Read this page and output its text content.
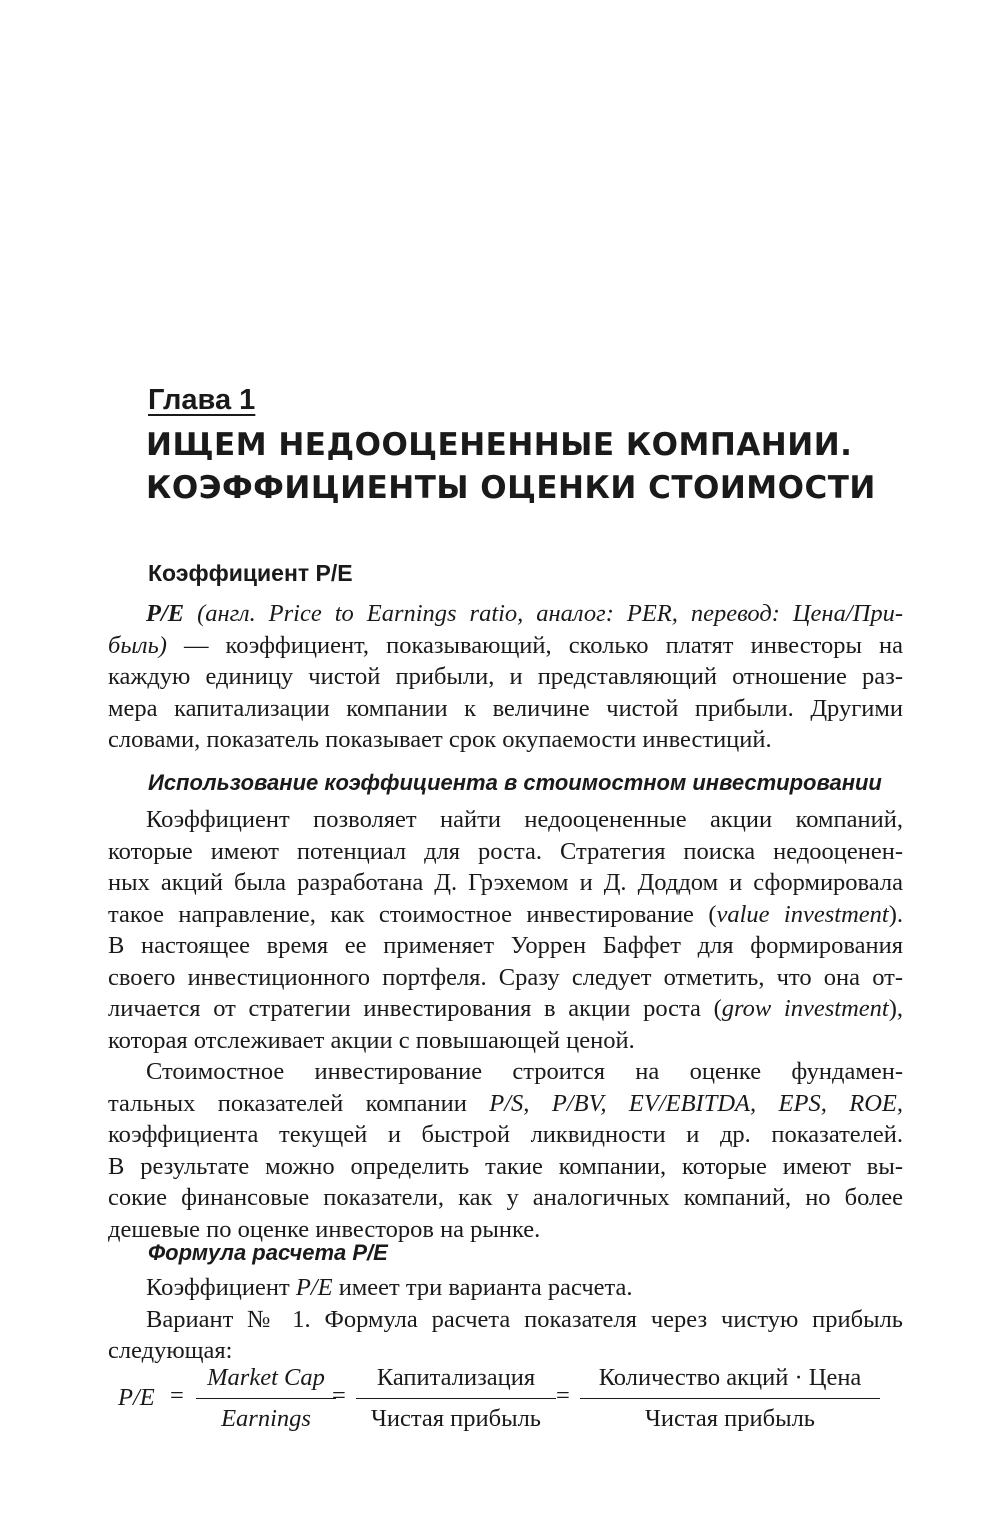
Глава 1
ИЩЕМ НЕДООЦЕНЕННЫЕ КОМПАНИИ.
КОЭФФИЦИЕНТЫ ОЦЕНКИ СТОИМОСТИ
Коэффициент P/E
P/E (англ. Price to Earnings ratio, аналог: PER, перевод: Цена/При-
быль) — коэффициент, показывающий, сколько платят инвесторы на
каждую единицу чистой прибыли, и представляющий отношение раз-
мера капитализации компании к величине чистой прибыли. Другими
словами, показатель показывает срок окупаемости инвестиций.
Использование коэффициента в стоимостном инвестировании
Коэффициент позволяет найти недооцененные акции компаний,
которые имеют потенциал для роста. Стратегия поиска недооценен-
ных акций была разработана Д. Грэхемом и Д. Доддом и сформировала
такое направление, как стоимостное инвестирование (value investment).
В настоящее время ее применяет Уоррен Баффет для формирования
своего инвестиционного портфеля. Сразу следует отметить, что она от-
личается от стратегии инвестирования в акции роста (grow investment),
которая отслеживает акции с повышающей ценой.
Стоимостное инвестирование строится на оценке фундамен-
тальных показателей компании P/S, P/BV, EV/EBITDA, EPS, ROE,
коэффициента текущей и быстрой ликвидности и др. показателей.
В результате можно определить такие компании, которые имеют вы-
сокие финансовые показатели, как у аналогичных компаний, но более
дешевые по оценке инвесторов на рынке.
Формула расчета P/E
Коэффициент P/E имеет три варианта расчета.
Вариант № 1. Формула расчета показателя через чистую прибыль
следующая:
P/E =
Market Cap
Earnings
=
Капитализация
Чистая прибыль
=
Количество акций · Цена
Чистая прибыль
